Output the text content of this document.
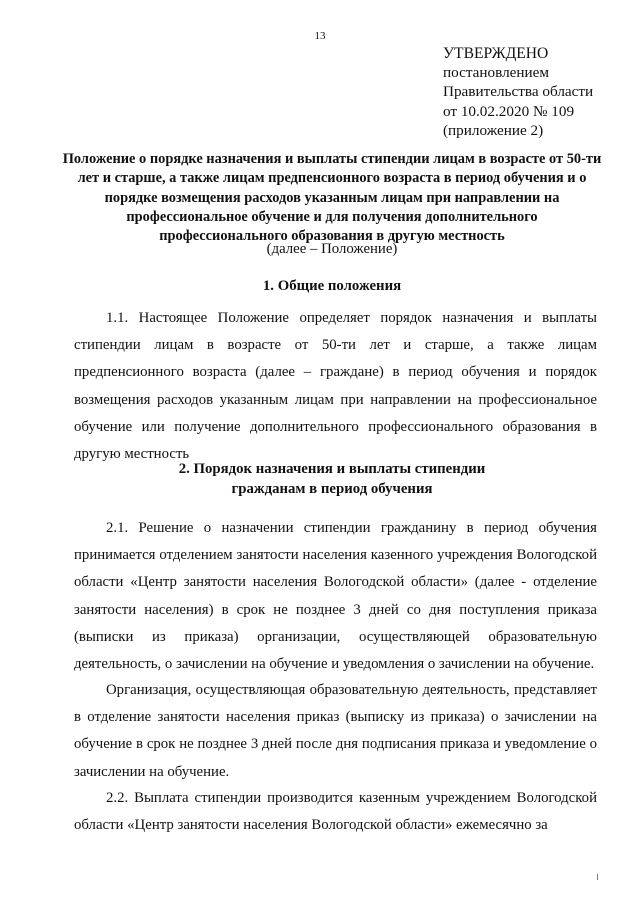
13
УТВЕРЖДЕНО
постановлением
Правительства области
от 10.02.2020 № 109
(приложение 2)
Положение о порядке назначения и выплаты стипендии лицам в возрасте от 50-ти лет и старше, а также лицам предпенсионного возраста в период обучения и о порядке возмещения расходов указанным лицам при направлении на профессиональное обучение и для получения дополнительного профессионального образования в другую местность
(далее – Положение)
1. Общие положения
1.1. Настоящее Положение определяет порядок назначения и выплаты стипендии лицам в возрасте от 50-ти лет и старше, а также лицам предпенсионного возраста (далее – граждане) в период обучения и порядок возмещения расходов указанным лицам при направлении на профессиональное обучение или получение дополнительного профессионального образования в другую местность
2. Порядок назначения и выплаты стипендии
гражданам в период обучения
2.1. Решение о назначении стипендии гражданину в период обучения принимается отделением занятости населения казенного учреждения Вологодской области «Центр занятости населения Вологодской области» (далее - отделение занятости населения) в срок не позднее 3 дней со дня поступления приказа (выписки из приказа) организации, осуществляющей образовательную деятельность, о зачислении на обучение и уведомления о зачислении на обучение.
Организация, осуществляющая образовательную деятельность, представляет в отделение занятости населения приказ (выписку из приказа) о зачислении на обучение в срок не позднее 3 дней после дня подписания приказа и уведомление о зачислении на обучение.
2.2. Выплата стипендии производится казенным учреждением Вологодской области «Центр занятости населения Вологодской области» ежемесячно за
